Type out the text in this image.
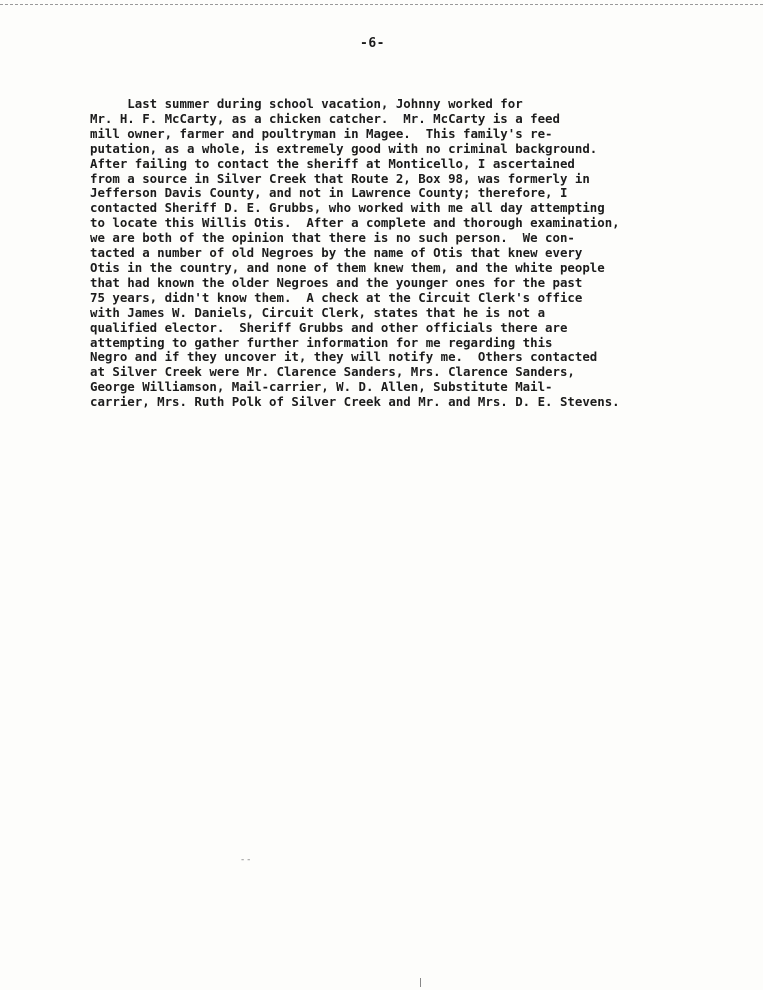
-6-
Last summer during school vacation, Johnny worked for
Mr. H. F. McCarty, as a chicken catcher.  Mr. McCarty is a feed
mill owner, farmer and poultryman in Magee.  This family's re-
putation, as a whole, is extremely good with no criminal background.
After failing to contact the sheriff at Monticello, I ascertained
from a source in Silver Creek that Route 2, Box 98, was formerly in
Jefferson Davis County, and not in Lawrence County; therefore, I
contacted Sheriff D. E. Grubbs, who worked with me all day attempting
to locate this Willis Otis.  After a complete and thorough examination,
we are both of the opinion that there is no such person.  We con-
tacted a number of old Negroes by the name of Otis that knew every
Otis in the country, and none of them knew them, and the white people
that had known the older Negroes and the younger ones for the past
75 years, didn't know them.  A check at the Circuit Clerk's office
with James W. Daniels, Circuit Clerk, states that he is not a
qualified elector.  Sheriff Grubbs and other officials there are
attempting to gather further information for me regarding this
Negro and if they uncover it, they will notify me.  Others contacted
at Silver Creek were Mr. Clarence Sanders, Mrs. Clarence Sanders,
George Williamson, Mail-carrier, W. D. Allen, Substitute Mail-
carrier, Mrs. Ruth Polk of Silver Creek and Mr. and Mrs. D. E. Stevens.
- -
